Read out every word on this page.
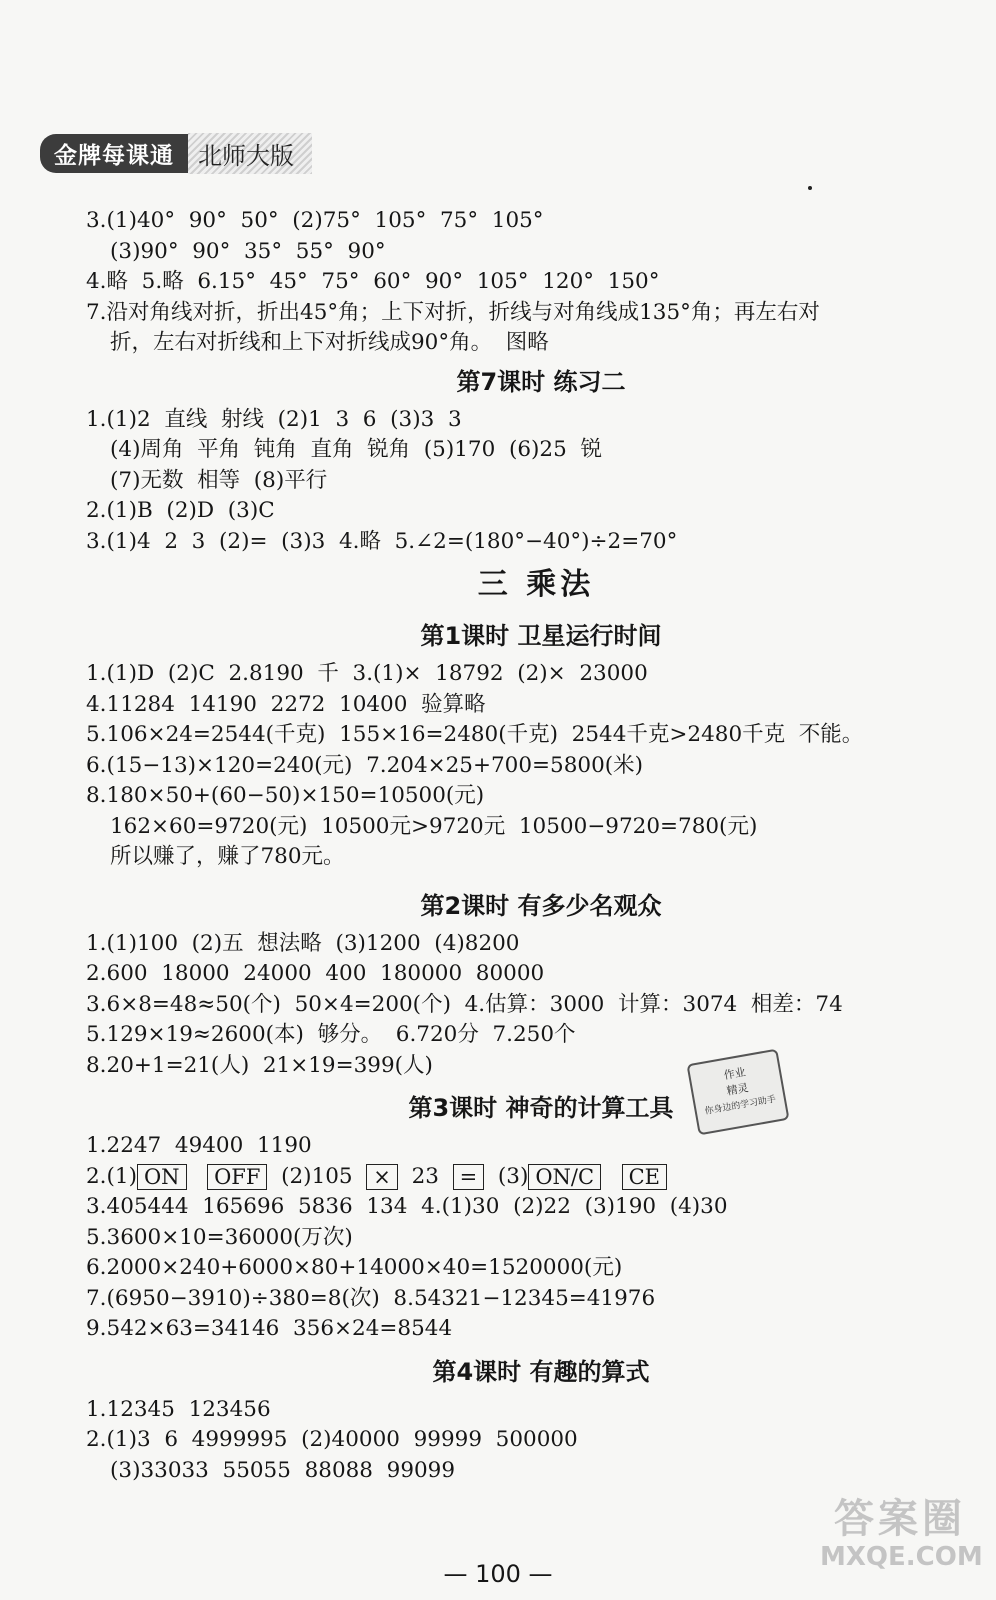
金牌每课通	北师大版
3.(1)40°  90°  50°  (2)75°  105°  75°  105°
(3)90°  90°  35°  55°  90°
4.略  5.略  6.15°  45°  75°  60°  90°  105°  120°  150°
7.沿对角线对折，折出45°角；上下对折，折线与对角线成135°角；再左右对
折，左右对折线和上下对折线成90°角。  图略
第7课时 练习二
1.(1)2  直线  射线  (2)1  3  6  (3)3  3
(4)周角  平角  钝角  直角  锐角  (5)170  (6)25  锐
(7)无数  相等  (8)平行
2.(1)B  (2)D  (3)C
3.(1)4  2  3  (2)=  (3)3  4.略  5.∠2=(180°−40°)÷2=70°
三 乘法
第1课时 卫星运行时间
1.(1)D  (2)C  2.8190  千  3.(1)×  18792  (2)×  23000
4.11284  14190  2272  10400  验算略
5.106×24=2544(千克)  155×16=2480(千克)  2544千克>2480千克  不能。
6.(15−13)×120=240(元)  7.204×25+700=5800(米)
8.180×50+(60−50)×150=10500(元)
162×60=9720(元)  10500元>9720元  10500−9720=780(元)
所以赚了，赚了780元。
第2课时 有多少名观众
1.(1)100  (2)五  想法略  (3)1200  (4)8200
2.600  18000  24000  400  180000  80000
3.6×8=48≈50(个)  50×4=200(个)  4.估算：3000  计算：3074  相差：74
5.129×19≈2600(本)  够分。  6.720分  7.250个
8.20+1=21(人)  21×19=399(人)
第3课时 神奇的计算工具
1.2247  49400  1190
2.(1) ON OFF (2)105 × 23 = (3) ON/C CE
3.405444  165696  5836  134  4.(1)30  (2)22  (3)190  (4)30
5.3600×10=36000(万次)
6.2000×240+6000×80+14000×40=1520000(元)
7.(6950−3910)÷380=8(次)  8.54321−12345=41976
9.542×63=34146  356×24=8544
第4课时 有趣的算式
1.12345  123456
2.(1)3  6  4999995  (2)40000  99999  500000
(3)33033  55055  88088  99099
作业
精灵
你身边的学习助手
答案圈
MXQE.COM
— 100 —
